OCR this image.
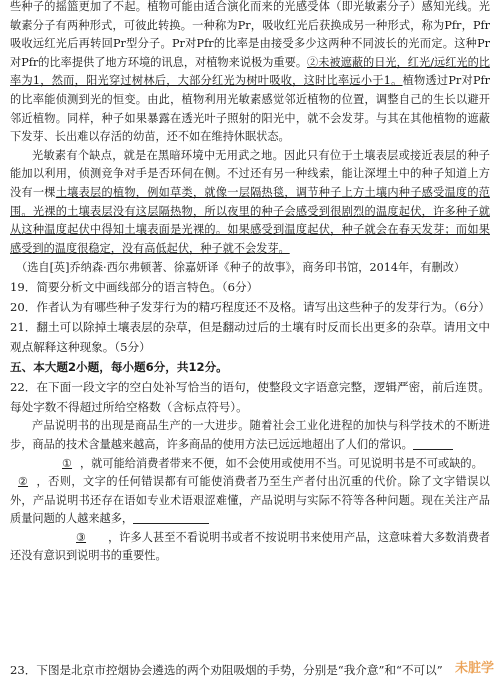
些种子的摇篮更加了不起。植物可能由适合演化而来的光感受体（即光敏素分子）感知光线。光敏素分子有两种形式，可彼此转换。一种称为Pr，吸收红光后获换成另一种形式，称为Pfr，Pfr吸收远红光后再转回Pr型分子。Pr对Pfr的比率是由接受多少这两种不同波长的光而定。这种Pr对Pfr的比率提供了地方环境的讯息，对植物来说极为重要。②未被遮蔽的日光，红光/远红光的比率为1，然而，阳光穿过树林后，大部分红光为树叶吸收，这时比率远小于1。植物透过Pr对Pfr的比率能侦测到光的恒变。由此，植物利用光敏素感觉邻近植物的位置，调整自己的生长以避开邻近植物。同样，种子如果暴露在透光叶子照射的阳光中，就不会发芽。与其在其他植物的遮蔽下发芽、长出难以存活的幼苗，还不如在维持休眠状态。

光敏素有个缺点，就是在黑暗环境中无用武之地。因此只有位于土壤表层或接近表层的种子能加以利用，侦测竞争对手是否环伺在侧。不过还有另一种线索，能让深埋土中的种子知道上方没有一棵土壤表层的植物，例如草类，就像一层隔热毯，调节种子上方土壤内种子感受温度的范围。光裸的土壤表层没有这层隔热物，所以夜里的种子会感受到很剧烈的温度起伏，许多种子就从这种温度起伏中得知土壤表面是光裸的。如果感受到温度起伏，种子就会在春天发芽；而如果感受到的温度很稳定，没有高低起伏，种子就不会发芽。

（选自[英]乔纳森·西尔弗顿著、徐嘉妍译《种子的故事》，商务印书馆，2014年，有删改）

19．简要分析文中画线部分的语言特色。（6分）

20．作者认为有哪些种子发芽行为的精巧程度还不及格。请写出这些种子的发芽行为。（6分）

21．翻土可以除掉土壤表层的杂草，但是翻动过后的土壤有时反而长出更多的杂草。请用文中观点解释这种现象。（5分）

五、本大题2小题，每小题6分，共12分。

22．在下面一段文字的空白处补写恰当的语句，使整段文字语意完整，逻辑严密，前后连贯。每处字数不得超过所给空格数（含标点符号）。

产品说明书的出现是商品生产的一大进步。随着社会工业化进程的加快与科学技术的不断进步，商品的技术含量越来越高，许多商品的使用方法已远远地超出了人们的常识。

① ，就可能给消费者带来不便，如不会使用或使用不当。可见说明书是不可或缺的。

② ，否则，文字的任何错误都有可能使消费者乃至生产者付出沉重的代价。除了文字错误以外，产品说明书还存在语如专业术语艰涩难懂，产品说明与实际不符等各种问题。现在关注产品质量问题的人越来越多，

③ ，许多人甚至不看说明书或者不按说明书来使用产品，这意味着大多数消费者还没有意识到说明书的重要性。

23．下图是北京市控烟协会遴选的两个劝阻吸烟的手势，分别是“我介意”和“不可以” 未脏学
